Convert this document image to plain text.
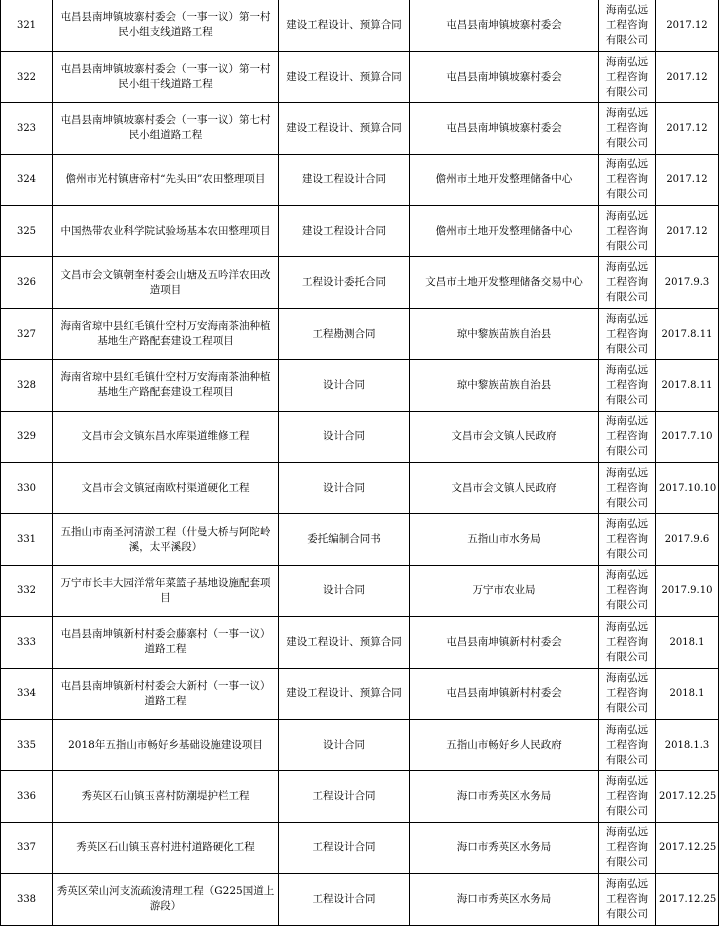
321	屯昌县南坤镇坡寨村委会（一事一议）第一村民小组支线道路工程	建设工程设计、预算合同	屯昌县南坤镇坡寨村委会	海南弘远工程咨询有限公司	2017.12
322	屯昌县南坤镇坡寨村委会（一事一议）第一村民小组干线道路工程	建设工程设计、预算合同	屯昌县南坤镇坡寨村委会	海南弘远工程咨询有限公司	2017.12
323	屯昌县南坤镇坡寨村委会（一事一议）第七村民小组道路工程	建设工程设计、预算合同	屯昌县南坤镇坡寨村委会	海南弘远工程咨询有限公司	2017.12
324	儋州市光村镇唐帝村“先头田”农田整理项目	建设工程设计合同	儋州市土地开发整理储备中心	海南弘远工程咨询有限公司	2017.12
325	中国热带农业科学院试验场基本农田整理项目	建设工程设计合同	儋州市土地开发整理储备中心	海南弘远工程咨询有限公司	2017.12
326	文昌市会文镇朝奎村委会山塘及五吟洋农田改造项目	工程设计委托合同	文昌市土地开发整理储备交易中心	海南弘远工程咨询有限公司	2017.9.3
327	海南省琼中县红毛镇什空村万安海南茶油种植基地生产路配套建设工程项目	工程勘测合同	琼中黎族苗族自治县	海南弘远工程咨询有限公司	2017.8.11
328	海南省琼中县红毛镇什空村万安海南茶油种植基地生产路配套建设工程项目	设计合同	琼中黎族苗族自治县	海南弘远工程咨询有限公司	2017.8.11
329	文昌市会文镇东昌水库渠道维修工程	设计合同	文昌市会文镇人民政府	海南弘远工程咨询有限公司	2017.7.10
330	文昌市会文镇冠南欧村渠道硬化工程	设计合同	文昌市会文镇人民政府	海南弘远工程咨询有限公司	2017.10.10
331	五指山市南圣河清淤工程（什曼大桥与阿陀岭溪，太平溪段）	委托编制合同书	五指山市水务局	海南弘远工程咨询有限公司	2017.9.6
332	万宁市长丰大园洋常年菜篮子基地设施配套项目	设计合同	万宁市农业局	海南弘远工程咨询有限公司	2017.9.10
333	屯昌县南坤镇新村村委会藤寨村（一事一议）道路工程	建设工程设计、预算合同	屯昌县南坤镇新村村委会	海南弘远工程咨询有限公司	2018.1
334	屯昌县南坤镇新村村委会大新村（一事一议）道路工程	建设工程设计、预算合同	屯昌县南坤镇新村村委会	海南弘远工程咨询有限公司	2018.1
335	2018年五指山市畅好乡基础设施建设项目	设计合同	五指山市畅好乡人民政府	海南弘远工程咨询有限公司	2018.1.3
336	秀英区石山镇玉喜村防潮堤护栏工程	工程设计合同	海口市秀英区水务局	海南弘远工程咨询有限公司	2017.12.25
337	秀英区石山镇玉喜村进村道路硬化工程	工程设计合同	海口市秀英区水务局	海南弘远工程咨询有限公司	2017.12.25
338	秀英区荣山河支流疏浚清理工程（G225国道上游段）	工程设计合同	海口市秀英区水务局	海南弘远工程咨询有限公司	2017.12.25
